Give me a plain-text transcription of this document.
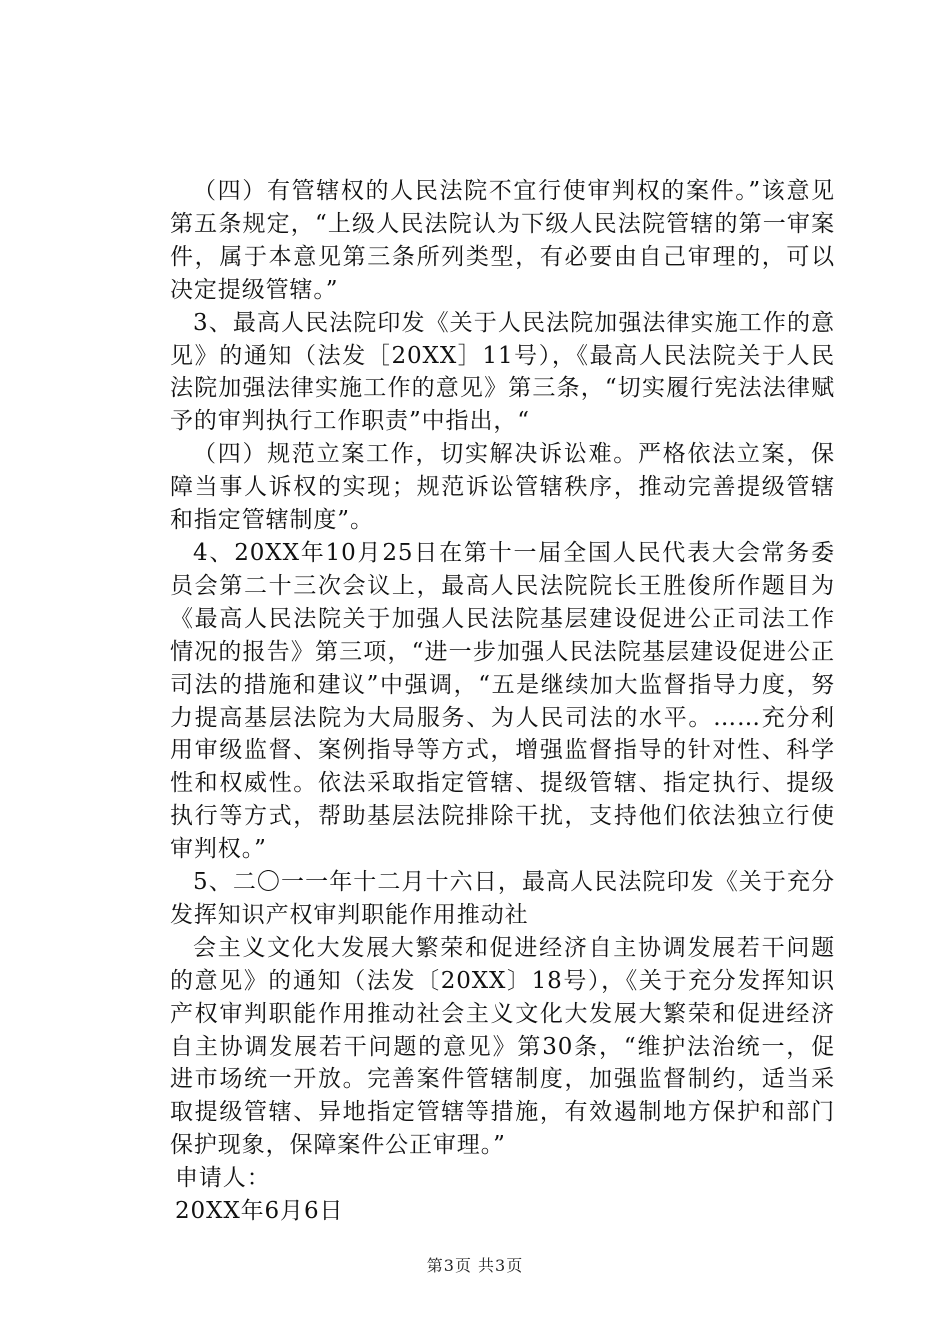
（四）有管辖权的人民法院不宜行使审判权的案件。”该意见第五条规定，“上级人民法院认为下级人民法院管辖的第一审案件，属于本意见第三条所列类型，有必要由自己审理的，可以决定提级管辖。”

3、最高人民法院印发《关于人民法院加强法律实施工作的意见》的通知（法发［20XX］11号），《最高人民法院关于人民法院加强法律实施工作的意见》第三条，“切实履行宪法法律赋予的审判执行工作职责”中指出，“

（四）规范立案工作，切实解决诉讼难。严格依法立案，保障当事人诉权的实现；规范诉讼管辖秩序，推动完善提级管辖和指定管辖制度”。

4、20XX年10月25日在第十一届全国人民代表大会常务委员会第二十三次会议上，最高人民法院院长王胜俊所作题目为《最高人民法院关于加强人民法院基层建设促进公正司法工作情况的报告》第三项，“进一步加强人民法院基层建设促进公正司法的措施和建议”中强调，“五是继续加大监督指导力度，努力提高基层法院为大局服务、为人民司法的水平。……充分利用审级监督、案例指导等方式，增强监督指导的针对性、科学性和权威性。依法采取指定管辖、提级管辖、指定执行、提级执行等方式，帮助基层法院排除干扰，支持他们依法独立行使审判权。”

5、二〇一一年十二月十六日，最高人民法院印发《关于充分发挥知识产权审判职能作用推动社

会主义文化大发展大繁荣和促进经济自主协调发展若干问题的意见》的通知（法发〔20XX〕18号），《关于充分发挥知识产权审判职能作用推动社会主义文化大发展大繁荣和促进经济自主协调发展若干问题的意见》第30条，“维护法治统一，促进市场统一开放。完善案件管辖制度，加强监督制约，适当采取提级管辖、异地指定管辖等措施，有效遏制地方保护和部门保护现象，保障案件公正审理。”

申请人：

20XX年6月6日

第3页 共3页
